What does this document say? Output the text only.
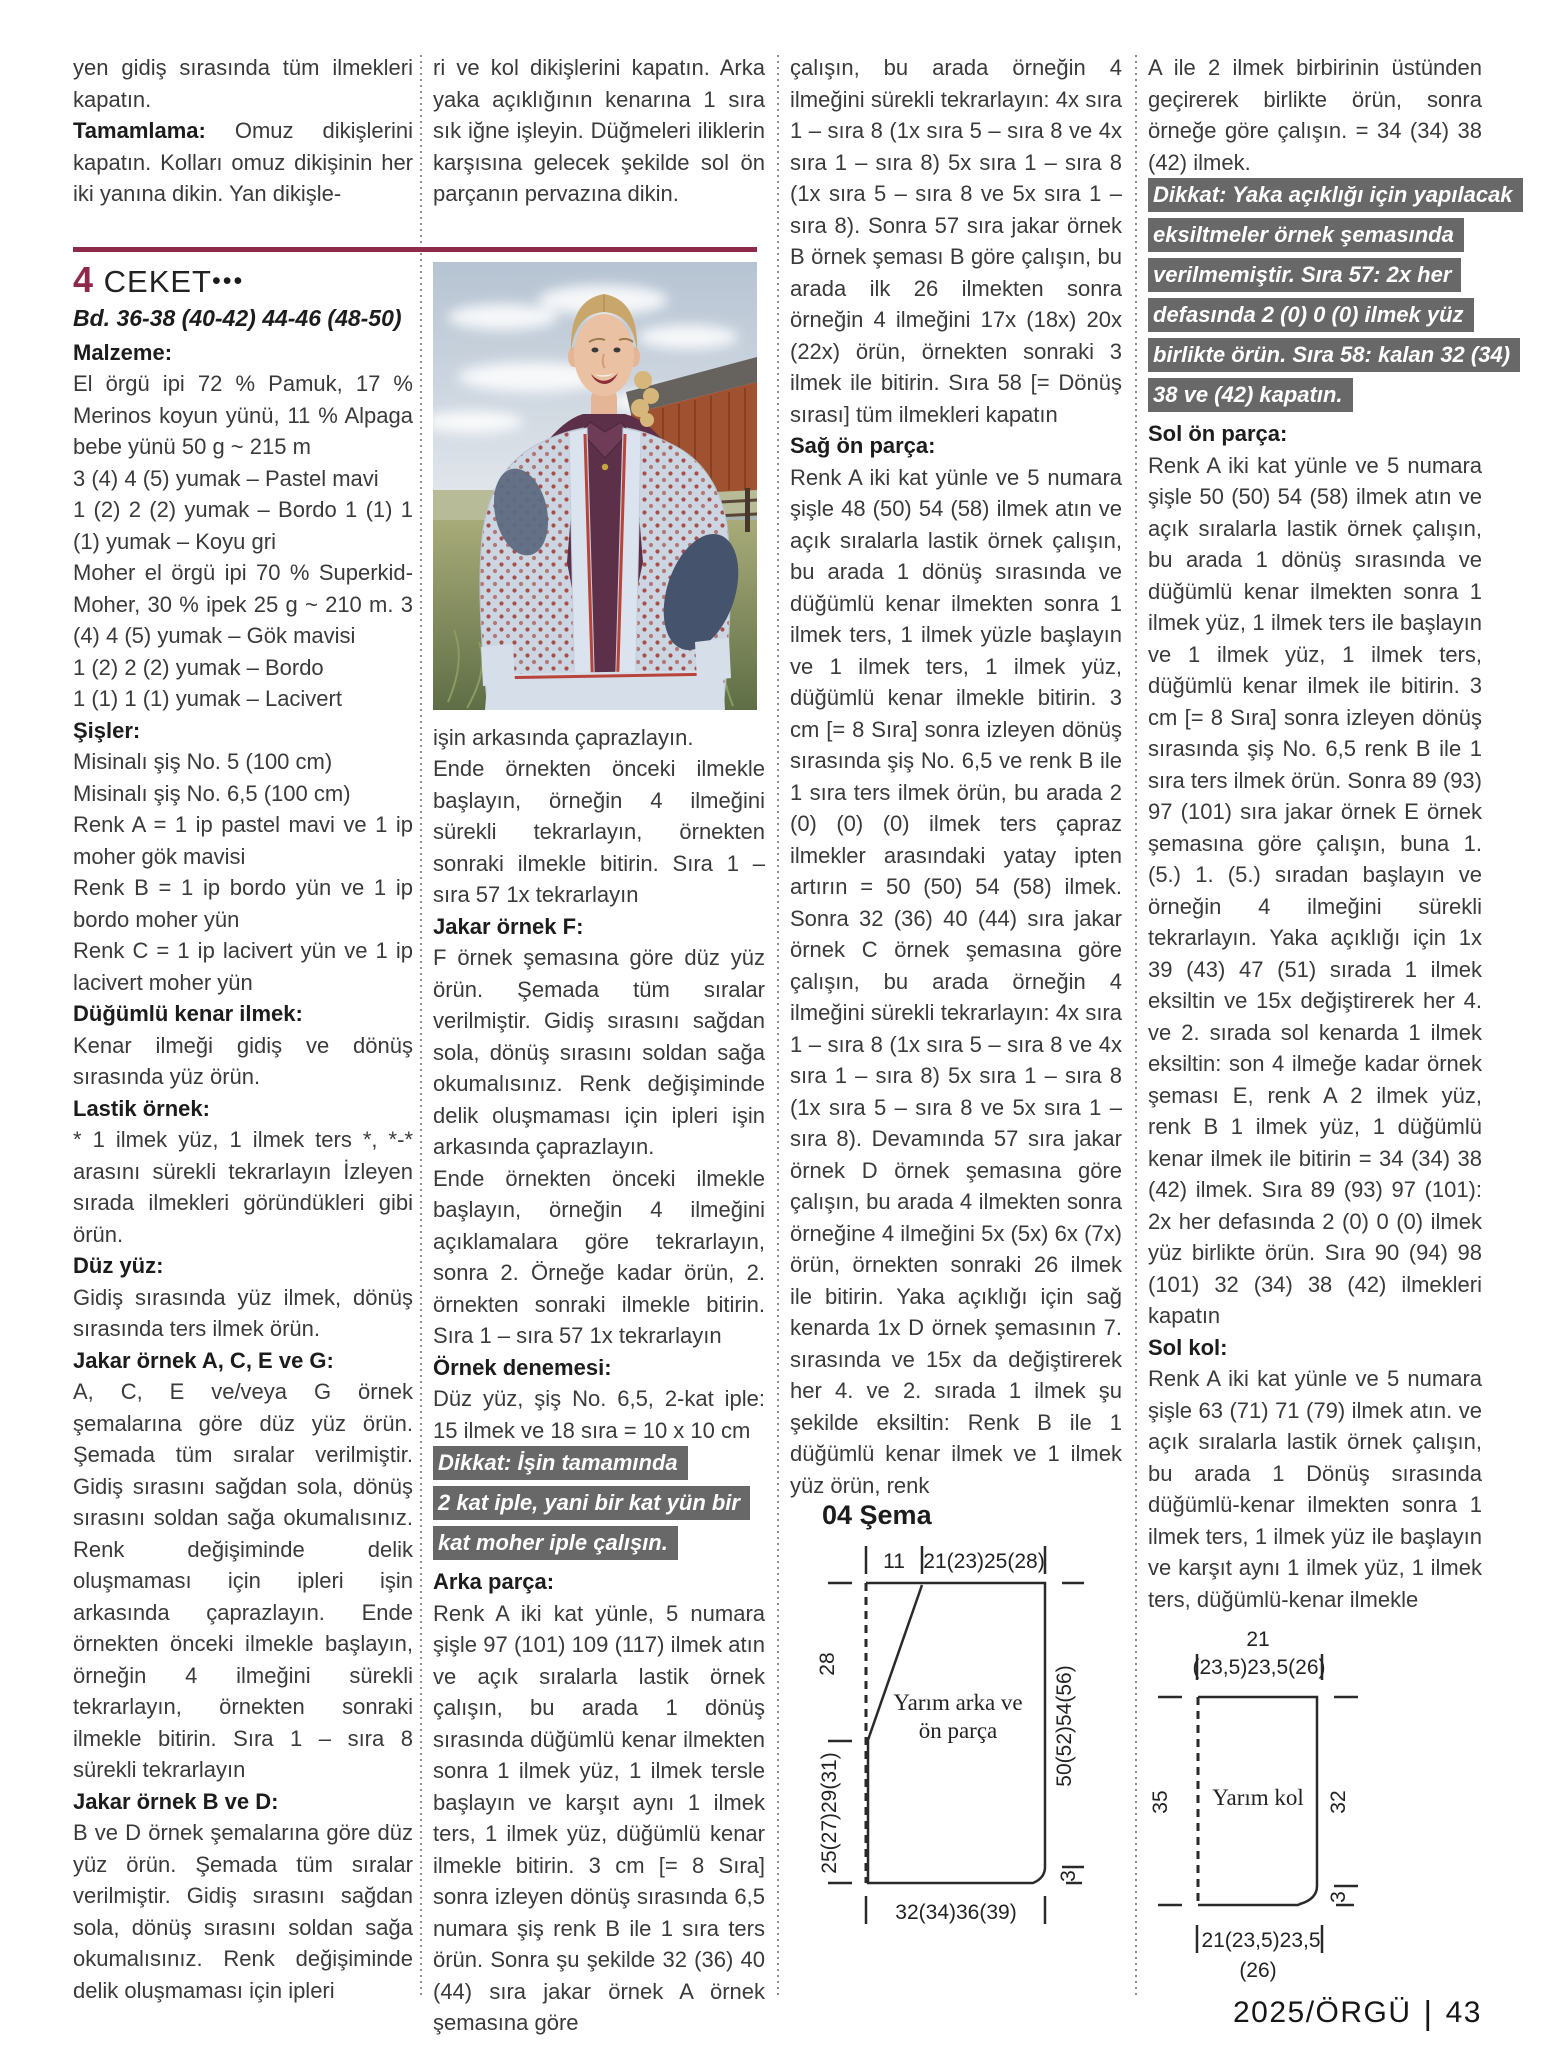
yen gidiş sırasında tüm ilmekleri kapatın.

Tamamlama: Omuz dikişlerini kapatın. Kolları omuz dikişinin her iki yanına dikin. Yan dikişle-

4 CEKET•••

Bd. 36-38 (40-42) 44-46 (48-50)

Malzeme:

El örgü ipi 72 % Pamuk, 17 % Merinos koyun yünü, 11 % Alpaga bebe yünü 50 g ~ 215 m

3 (4) 4 (5) yumak – Pastel mavi

1 (2) 2 (2) yumak – Bordo 1 (1) 1 (1) yumak – Koyu gri

Moher el örgü ipi 70 % Superkid-Moher, 30 % ipek 25 g ~ 210 m. 3 (4) 4 (5) yumak – Gök mavisi

1 (2) 2 (2) yumak – Bordo

1 (1) 1 (1) yumak – Lacivert

Şişler:

Misinalı şiş No. 5 (100 cm)

Misinalı şiş No. 6,5 (100 cm)

Renk A = 1 ip pastel mavi ve 1 ip moher gök mavisi

Renk B = 1 ip bordo yün ve 1 ip bordo moher yün

Renk C = 1 ip lacivert yün ve 1 ip lacivert moher yün

Düğümlü kenar ilmek:

Kenar ilmeği gidiş ve dönüş sırasında yüz örün.

Lastik örnek:

* 1 ilmek yüz, 1 ilmek ters *, *-* arasını sürekli tekrarlayın İzleyen sırada ilmekleri göründükleri gibi örün.

Düz yüz:

Gidiş sırasında yüz ilmek, dönüş sırasında ters ilmek örün.

Jakar örnek A, C, E ve G:

A, C, E ve/veya G örnek şemalarına göre düz yüz örün. Şemada tüm sıralar verilmiştir. Gidiş sırasını sağdan sola, dönüş sırasını soldan sağa okumalısınız. Renk değişiminde delik oluşmaması için ipleri işin arkasında çaprazlayın. Ende örnekten önceki ilmekle başlayın, örneğin 4 ilmeğini sürekli tekrarlayın, örnekten sonraki ilmekle bitirin. Sıra 1 – sıra 8 sürekli tekrarlayın

Jakar örnek B ve D:

B ve D örnek şemalarına göre düz yüz örün. Şemada tüm sıralar verilmiştir. Gidiş sırasını sağdan sola, dönüş sırasını soldan sağa okumalısınız. Renk değişiminde delik oluşmaması için ipleri

ri ve kol dikişlerini kapatın. Arka yaka açıklığının kenarına 1 sıra sık iğne işleyin. Düğmeleri iliklerin karşısına gelecek şekilde sol ön parçanın pervazına dikin.

işin arkasında çaprazlayın.

Ende örnekten önceki ilmekle başlayın, örneğin 4 ilmeğini sürekli tekrarlayın, örnekten sonraki ilmekle bitirin. Sıra 1 – sıra 57 1x tekrarlayın

Jakar örnek F:

F örnek şemasına göre düz yüz örün. Şemada tüm sıralar verilmiştir. Gidiş sırasını sağdan sola, dönüş sırasını soldan sağa okumalısınız. Renk değişiminde delik oluşmaması için ipleri işin arkasında çaprazlayın.

Ende örnekten önceki ilmekle başlayın, örneğin 4 ilmeğini açıklamalara göre tekrarlayın, sonra 2. Örneğe kadar örün, 2. örnekten sonraki ilmekle bitirin. Sıra 1 – sıra 57 1x tekrarlayın

Örnek denemesi:

Düz yüz, şiş No. 6,5, 2-kat iple: 15 ilmek ve 18 sıra = 10 x 10 cm

Dikkat: İşin tamamında
2 kat iple, yani bir kat yün bir
kat moher iple çalışın.

Arka parça:

Renk A iki kat yünle, 5 numara şişle 97 (101) 109 (117) ilmek atın ve açık sıralarla lastik örnek çalışın, bu arada 1 dönüş sırasında düğümlü kenar ilmekten sonra 1 ilmek yüz, 1 ilmek tersle başlayın ve karşıt aynı 1 ilmek ters, 1 ilmek yüz, düğümlü kenar ilmekle bitirin. 3 cm [= 8 Sıra] sonra izleyen dönüş sırasında 6,5 numara şiş renk B ile 1 sıra ters örün. Sonra şu şekilde 32 (36) 40 (44) sıra jakar örnek A örnek şemasına göre

çalışın, bu arada örneğin 4 ilmeğini sürekli tekrarlayın: 4x sıra 1 – sıra 8 (1x sıra 5 – sıra 8 ve 4x sıra 1 – sıra 8) 5x sıra 1 – sıra 8 (1x sıra 5 – sıra 8 ve 5x sıra 1 – sıra 8). Sonra 57 sıra jakar örnek B örnek şeması B göre çalışın, bu arada ilk 26 ilmekten sonra örneğin 4 ilmeğini 17x (18x) 20x (22x) örün, örnekten sonraki 3 ilmek ile bitirin. Sıra 58 [= Dönüş sırası] tüm ilmekleri kapatın

Sağ ön parça:

Renk A iki kat yünle ve 5 numara şişle 48 (50) 54 (58) ilmek atın ve açık sıralarla lastik örnek çalışın, bu arada 1 dönüş sırasında ve düğümlü kenar ilmekten sonra 1 ilmek ters, 1 ilmek yüzle başlayın ve 1 ilmek ters, 1 ilmek yüz, düğümlü kenar ilmekle bitirin. 3 cm [= 8 Sıra] sonra izleyen dönüş sırasında şiş No. 6,5 ve renk B ile 1 sıra ters ilmek örün, bu arada 2 (0) (0) (0) ilmek ters çapraz ilmekler arasındaki yatay ipten artırın = 50 (50) 54 (58) ilmek. Sonra 32 (36) 40 (44) sıra jakar örnek C örnek şemasına göre çalışın, bu arada örneğin 4 ilmeğini sürekli tekrarlayın: 4x sıra 1 – sıra 8 (1x sıra 5 – sıra 8 ve 4x sıra 1 – sıra 8) 5x sıra 1 – sıra 8 (1x sıra 5 – sıra 8 ve 5x sıra 1 – sıra 8). Devamında 57 sıra jakar örnek D örnek şemasına göre çalışın, bu arada 4 ilmekten sonra örneğine 4 ilmeğini 5x (5x) 6x (7x) örün, örnekten sonraki 26 ilmek ile bitirin. Yaka açıklığı için sağ kenarda 1x D örnek şemasının 7. sırasında ve 15x da değiştirerek her 4. ve 2. sırada 1 ilmek şu şekilde eksiltin: Renk B ile 1 düğümlü kenar ilmek ve 1 ilmek yüz örün, renk

A ile 2 ilmek birbirinin üstünden geçirerek birlikte örün, sonra örneğe göre çalışın. = 34 (34) 38 (42) ilmek.

Dikkat: Yaka açıklığı için yapılacak
eksiltmeler örnek şemasında
verilmemiştir. Sıra 57: 2x her
defasında 2 (0) 0 (0) ilmek yüz
birlikte örün. Sıra 58: kalan 32 (34)
38 ve (42) kapatın.

Sol ön parça:

Renk A iki kat yünle ve 5 numara şişle 50 (50) 54 (58) ilmek atın ve açık sıralarla lastik örnek çalışın, bu arada 1 dönüş sırasında ve düğümlü kenar ilmekten sonra 1 ilmek yüz, 1 ilmek ters ile başlayın ve 1 ilmek yüz, 1 ilmek ters, düğümlü kenar ilmek ile bitirin. 3 cm [= 8 Sıra] sonra izleyen dönüş sırasında şiş No. 6,5 renk B ile 1 sıra ters ilmek örün. Sonra 89 (93) 97 (101) sıra jakar örnek E örnek şemasına göre çalışın, buna 1. (5.) 1. (5.) sıradan başlayın ve örneğin 4 ilmeğini sürekli tekrarlayın. Yaka açıklığı için 1x 39 (43) 47 (51) sırada 1 ilmek eksiltin ve 15x değiştirerek her 4. ve 2. sırada sol kenarda 1 ilmek eksiltin: son 4 ilmeğe kadar örnek şeması E, renk A 2 ilmek yüz, renk B 1 ilmek yüz, 1 düğümlü kenar ilmek ile bitirin = 34 (34) 38 (42) ilmek. Sıra 89 (93) 97 (101): 2x her defasında 2 (0) 0 (0) ilmek yüz birlikte örün. Sıra 90 (94) 98 (101) 32 (34) 38 (42) ilmekleri kapatın

Sol kol:

Renk A iki kat yünle ve 5 numara şişle 63 (71) 71 (79) ilmek atın. ve açık sıralarla lastik örnek çalışın, bu arada 1 Dönüş sırasında düğümlü-kenar ilmekten sonra 1 ilmek ters, 1 ilmek yüz ile başlayın ve karşıt aynı 1 ilmek yüz, 1 ilmek ters, düğümlü-kenar ilmekle

04 Şema
11 21(23)25(28)
28
25(27)29(31)
50(52)54(56)
3
32(34)36(39)
Yarım arka ve
ön parça
21
(23,5)23,5(26)
35	32
3
21(23,5)23,5
(26)
Yarım kol
2025/ÖRGÜ | 43
